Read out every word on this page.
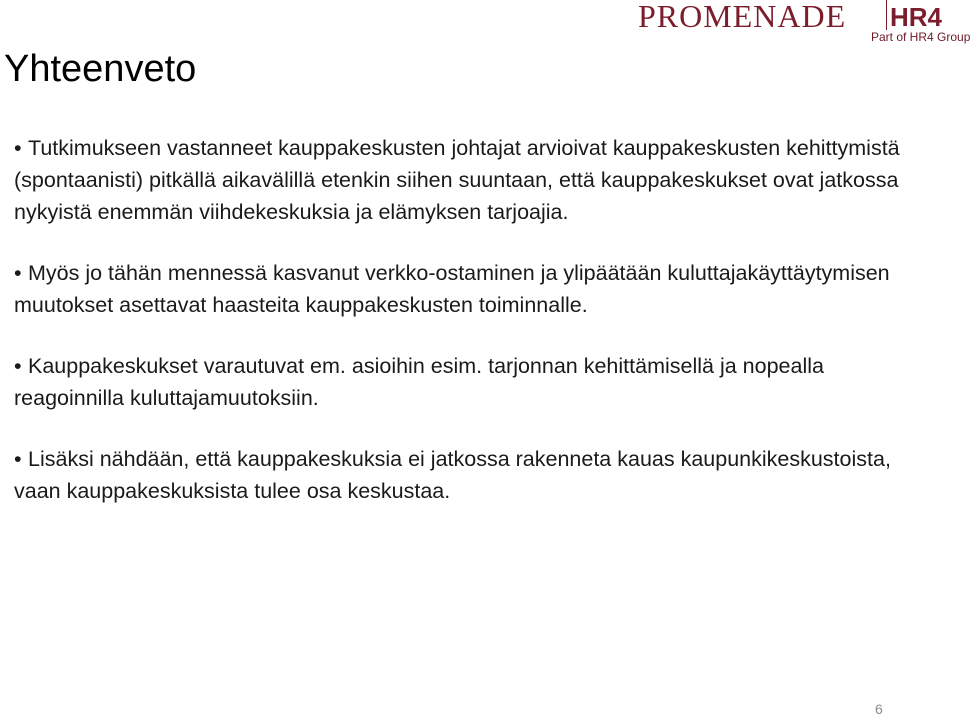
Yhteenveto
PROMENADE HR4
Part of HR4 Group
• Tutkimukseen vastanneet kauppakeskusten johtajat arvioivat kauppakeskusten kehittymistä (spontaanisti) pitkällä aikavälillä etenkin siihen suuntaan, että kauppakeskukset ovat jatkossa nykyistä enemmän viihdekeskuksia ja elämyksen tarjoajia.
• Myös jo tähän mennessä kasvanut verkko-ostaminen ja ylipäätään kuluttajakäyttäytymisen muutokset asettavat haasteita kauppakeskusten toiminnalle.
• Kauppakeskukset varautuvat em. asioihin esim. tarjonnan kehittämisellä ja nopealla reagoinnilla kuluttajamuutoksiin.
• Lisäksi nähdään, että kauppakeskuksia ei jatkossa rakenneta kauas kaupunkikeskustoista, vaan kauppakeskuksista tulee osa keskustaa.
6
